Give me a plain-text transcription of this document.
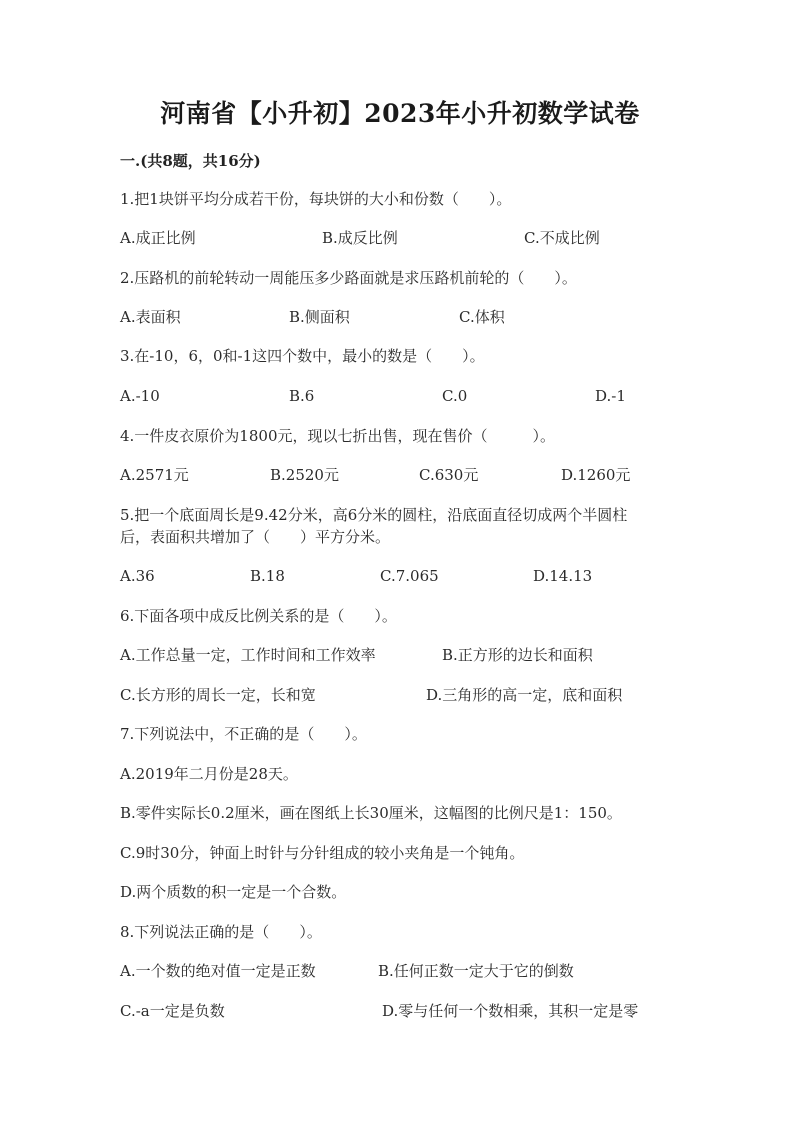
河南省【小升初】2023年小升初数学试卷
一.(共8题，共16分)
1.把1块饼平均分成若干份，每块饼的大小和份数（　　）。
A.成正比例	B.成反比例	C.不成比例
2.压路机的前轮转动一周能压多少路面就是求压路机前轮的（　　）。
A.表面积	B.侧面积	C.体积
3.在-10，6，0和-1这四个数中，最小的数是（　　）。
A.-10	B.6	C.0	D.-1
4.一件皮衣原价为1800元，现以七折出售，现在售价（　　　）。
A.2571元	B.2520元	C.630元	D.1260元
5.把一个底面周长是9.42分米，高6分米的圆柱，沿底面直径切成两个半圆柱
后，表面积共增加了（　　）平方分米。
A.36	B.18	C.7.065	D.14.13
6.下面各项中成反比例关系的是（　　）。
A.工作总量一定，工作时间和工作效率	B.正方形的边长和面积
C.长方形的周长一定，长和宽	D.三角形的高一定，底和面积
7.下列说法中，不正确的是（　　）。
A.2019年二月份是28天。
B.零件实际长0.2厘米，画在图纸上长30厘米，这幅图的比例尺是1：150。
C.9时30分，钟面上时针与分针组成的较小夹角是一个钝角。
D.两个质数的积一定是一个合数。
8.下列说法正确的是（　　）。
A.一个数的绝对值一定是正数	B.任何正数一定大于它的倒数
C.-a一定是负数	D.零与任何一个数相乘，其积一定是零
